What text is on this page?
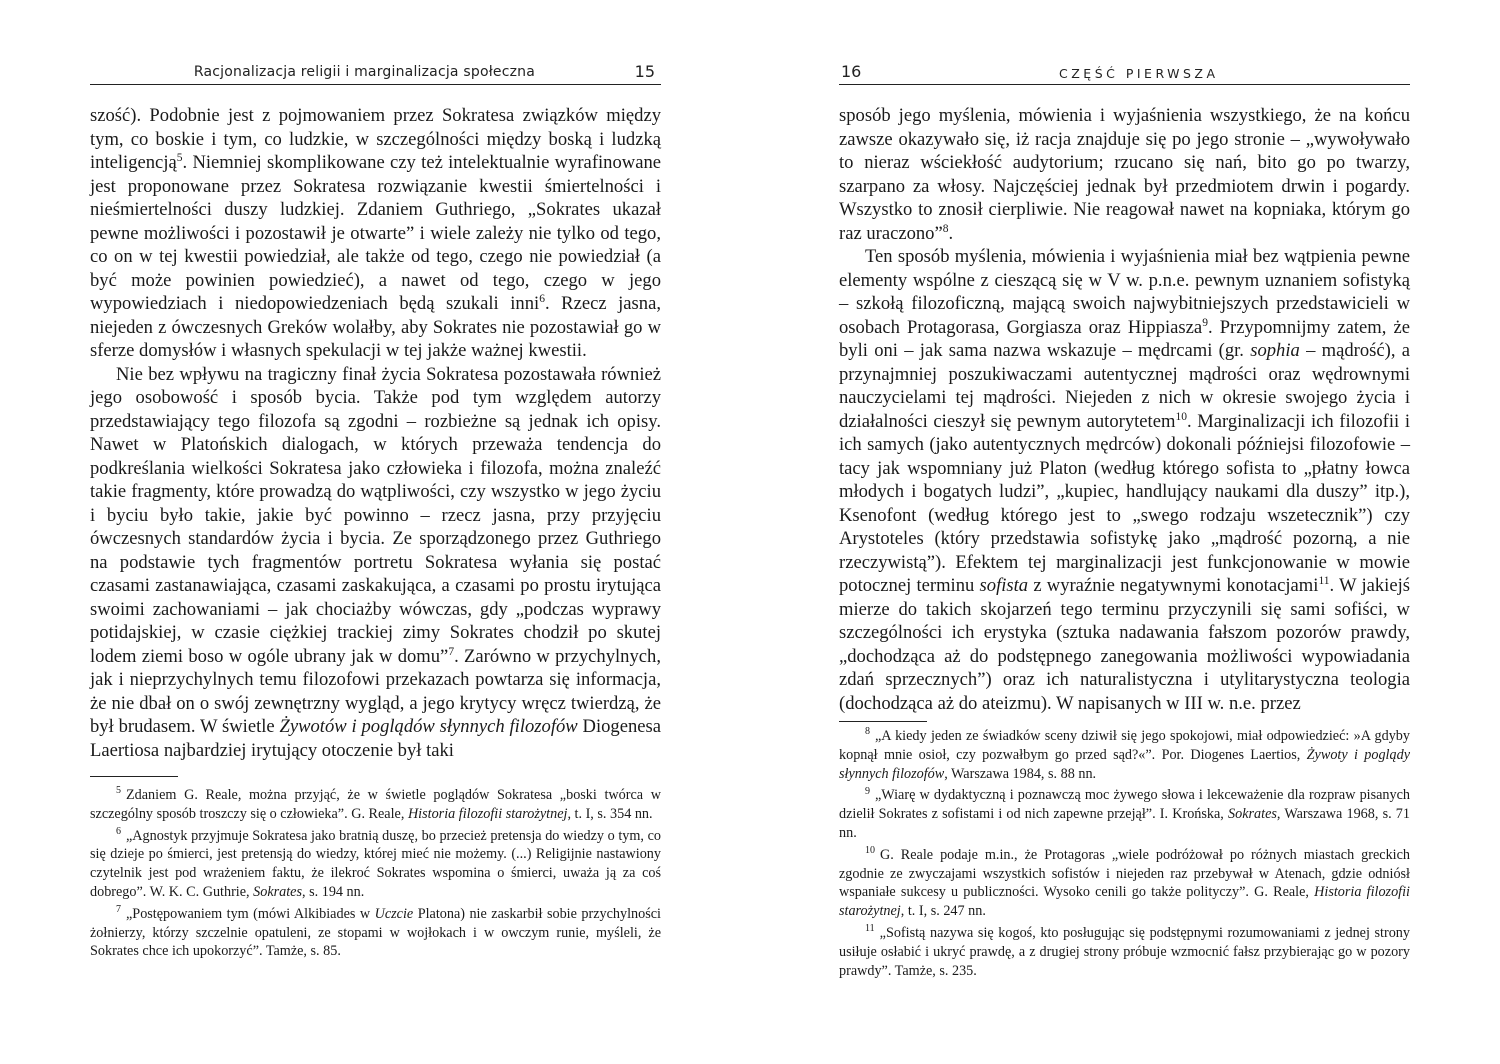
Racjonalizacja religii i marginalizacja społeczna	15

szość). Podobnie jest z pojmowaniem przez Sokratesa związków między tym, co boskie i tym, co ludzkie, w szczególności między boską i ludzką inteligencją$^5$. Niemniej skomplikowane czy też intelektualnie wyrafinowane jest proponowane przez Sokratesa rozwiązanie kwestii śmiertelności i nieśmiertelności duszy ludzkiej. Zdaniem Guthriego, „Sokrates ukazał pewne możliwości i pozostawił je otwarte” i wiele zależy nie tylko od tego, co on w tej kwestii powiedział, ale także od tego, czego nie powiedział (a być może powinien powiedzieć), a nawet od tego, czego w jego wypowiedziach i niedopowiedzeniach będą szukali inni$^6$. Rzecz jasna, niejeden z ówczesnych Greków wolałby, aby Sokrates nie pozostawiał go w sferze domysłów i własnych spekulacji w tej jakże ważnej kwestii.

Nie bez wpływu na tragiczny finał życia Sokratesa pozostawała również jego osobowość i sposób bycia. Także pod tym względem autorzy przedstawiający tego filozofa są zgodni – rozbieżne są jednak ich opisy. Nawet w Platońskich dialogach, w których przeważa tendencja do podkreślania wielkości Sokratesa jako człowieka i filozofa, można znaleźć takie fragmenty, które prowadzą do wątpliwości, czy wszystko w jego życiu i byciu było takie, jakie być powinno – rzecz jasna, przy przyjęciu ówczesnych standardów życia i bycia. Ze sporządzonego przez Guthriego na podstawie tych fragmentów portretu Sokratesa wyłania się postać czasami zastanawiająca, czasami zaskakująca, a czasami po prostu irytująca swoimi zachowaniami – jak chociażby wówczas, gdy „podczas wyprawy potidajskiej, w czasie ciężkiej trackiej zimy Sokrates chodził po skutej lodem ziemi boso w ogóle ubrany jak w domu”$^7$. Zarówno w przychylnych, jak i nieprzychylnych temu filozofowi przekazach powtarza się informacja, że nie dbał on o swój zewnętrzny wygląd, a jego krytycy wręcz twierdzą, że był brudasem. W świetle Żywotów i poglądów słynnych filozofów Diogenesa Laertiosa najbardziej irytujący otoczenie był taki

$^5$ Zdaniem G. Reale, można przyjąć, że w świetle poglądów Sokratesa „boski twórca w szczególny sposób troszczy się o człowieka”. G. Reale, Historia filozofii starożytnej, t. I, s. 354 nn.

$^6$ „Agnostyk przyjmuje Sokratesa jako bratnią duszę, bo przecież pretensja do wiedzy o tym, co się dzieje po śmierci, jest pretensją do wiedzy, której mieć nie możemy. (...) Religijnie nastawiony czytelnik jest pod wrażeniem faktu, że ilekroć Sokrates wspomina o śmierci, uważa ją za coś dobrego”. W. K. C. Guthrie, Sokrates, s. 194 nn.

$^7$ „Postępowaniem tym (mówi Alkibiades w Uczcie Platona) nie zaskarbił sobie przychylności żołnierzy, którzy szczelnie opatuleni, ze stopami w wojłokach i w owczym runie, myśleli, że Sokrates chce ich upokorzyć”. Tamże, s. 85.

16	CZĘŚĆ PIERWSZA

sposób jego myślenia, mówienia i wyjaśnienia wszystkiego, że na końcu zawsze okazywało się, iż racja znajduje się po jego stronie – „wywoływało to nieraz wściekłość audytorium; rzucano się nań, bito go po twarzy, szarpano za włosy. Najczęściej jednak był przedmiotem drwin i pogardy. Wszystko to znosił cierpliwie. Nie reagował nawet na kopniaka, którym go raz uraczono”$^8$.

Ten sposób myślenia, mówienia i wyjaśnienia miał bez wątpienia pewne elementy wspólne z cieszącą się w V w. p.n.e. pewnym uznaniem sofistyką – szkołą filozoficzną, mającą swoich najwybitniejszych przedstawicieli w osobach Protagorasa, Gorgiasza oraz Hippiasza$^9$. Przypomnijmy zatem, że byli oni – jak sama nazwa wskazuje – mędrcami (gr. sophia – mądrość), a przynajmniej poszukiwaczami autentycznej mądrości oraz wędrownymi nauczycielami tej mądrości. Niejeden z nich w okresie swojego życia i działalności cieszył się pewnym autorytetem$^{10}$. Marginalizacji ich filozofii i ich samych (jako autentycznych mędrców) dokonali późniejsi filozofowie – tacy jak wspomniany już Platon (według którego sofista to „płatny łowca młodych i bogatych ludzi”, „kupiec, handlujący naukami dla duszy” itp.), Ksenofont (według którego jest to „swego rodzaju wszetecznik”) czy Arystoteles (który przedstawia sofistykę jako „mądrość pozorną, a nie rzeczywistą”). Efektem tej marginalizacji jest funkcjonowanie w mowie potocznej terminu sofista z wyraźnie negatywnymi konotacjami$^{11}$. W jakiejś mierze do takich skojarzeń tego terminu przyczynili się sami sofiści, w szczególności ich erystyka (sztuka nadawania fałszom pozorów prawdy, „dochodząca aż do podstępnego zanegowania możliwości wypowiadania zdań sprzecznych”) oraz ich naturalistyczna i utylitarystyczna teologia (dochodząca aż do ateizmu). W napisanych w III w. n.e. przez

$^8$ „A kiedy jeden ze świadków sceny dziwił się jego spokojowi, miał odpowiedzieć: »A gdyby kopnął mnie osioł, czy pozwałbym go przed sąd?«”. Por. Diogenes Laertios, Żywoty i poglądy słynnych filozofów, Warszawa 1984, s. 88 nn.

$^9$ „Wiarę w dydaktyczną i poznawczą moc żywego słowa i lekceważenie dla rozpraw pisanych dzielił Sokrates z sofistami i od nich zapewne przejął”. I. Krońska, Sokrates, Warszawa 1968, s. 71 nn.

$^{10}$ G. Reale podaje m.in., że Protagoras „wiele podróżował po różnych miastach greckich zgodnie ze zwyczajami wszystkich sofistów i niejeden raz przebywał w Atenach, gdzie odniósł wspaniałe sukcesy u publiczności. Wysoko cenili go także polityczy”. G. Reale, Historia filozofii starożytnej, t. I, s. 247 nn.

$^{11}$ „Sofistą nazywa się kogoś, kto posługując się podstępnymi rozumowaniami z jednej strony usiłuje osłabić i ukryć prawdę, a z drugiej strony próbuje wzmocnić fałsz przybierając go w pozory prawdy”. Tamże, s. 235.
